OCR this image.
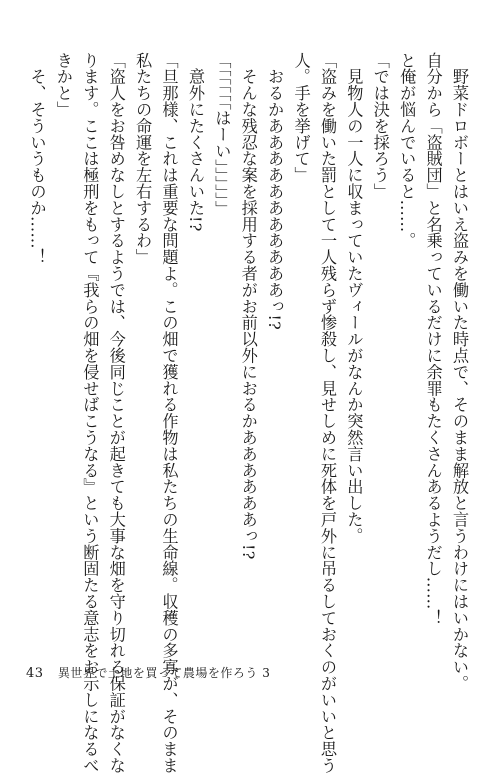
　野菜ドロボーとはいえ盗みを働いた時点で、そのまま解放と言うわけにはいかない。
自分から「盗賊団」と名乗っているだけに余罪もたくさんあるようだし……！
と俺が悩んでいると……。
「では決を採ろう」
　見物人の一人に収まっていたヴィールがなんか突然言い出した。
「盗みを働いた罰として一人残らず惨殺し、見せしめに死体を戸外に吊るしておくのがいいと思う
人。手を挙げて」
　おるかあああああああああああっ!?
　そんな残忍な案を採用する者がお前以外におるかああああああっ!?
「「「「「「はーい」」」」」」
　意外にたくさんいた!?
「旦那様、これは重要な問題よ。この畑で獲れる作物は私たちの生命線。収穫の多寡が、そのまま
私たちの命運を左右するわ」
「盗人をお咎めなしとするようでは、今後同じことが起きても大事な畑を守り切れる保証がなくな
ります。ここは極刑をもって『我らの畑を侵せばこうなる』という断固たる意志をお示しになるべ
きかと」
　そ、そういうものか……！
43 異世界で土地を買って農場を作ろう 3
